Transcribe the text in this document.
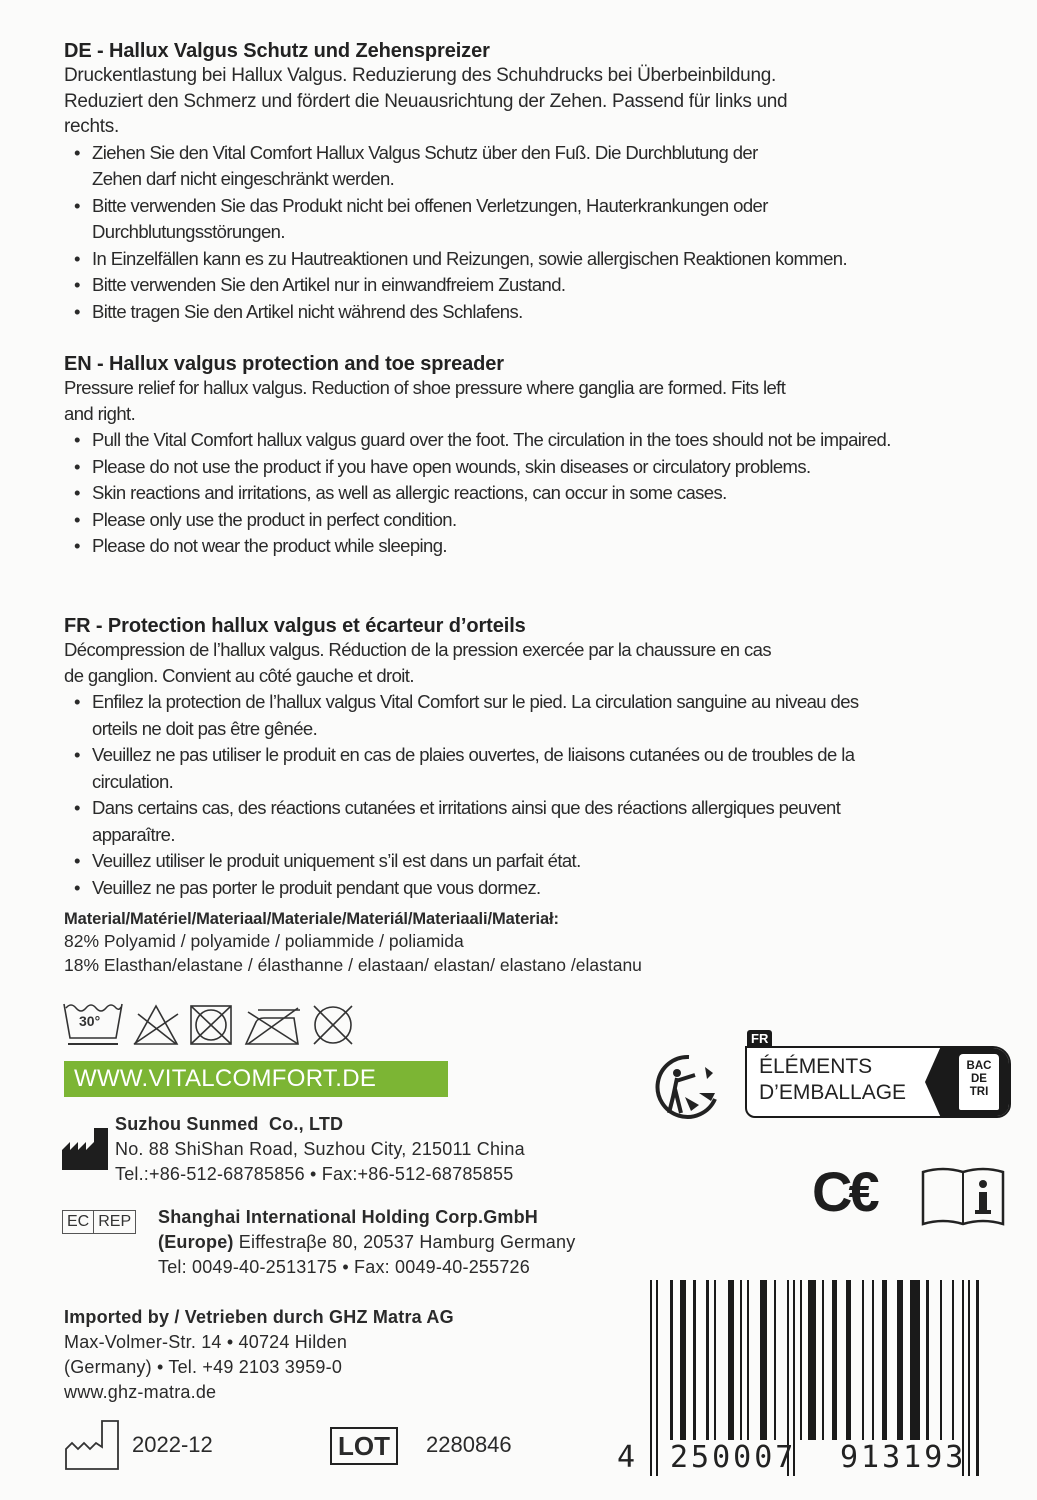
DE - Hallux Valgus Schutz und Zehenspreizer
Druckentlastung bei Hallux Valgus. Reduzierung des Schuhdrucks bei Überbeinbildung.
Reduziert den Schmerz und fördert die Neuausrichtung der Zehen. Passend für links und
rechts.
• Ziehen Sie den Vital Comfort Hallux Valgus Schutz über den Fuß. Die Durchblutung der Zehen darf nicht eingeschränkt werden.
• Bitte verwenden Sie das Produkt nicht bei offenen Verletzungen, Hauterkrankungen oder Durchblutungsstörungen.
• In Einzelfällen kann es zu Hautreaktionen und Reizungen, sowie allergischen Reaktionen kommen.
• Bitte verwenden Sie den Artikel nur in einwandfreiem Zustand.
• Bitte tragen Sie den Artikel nicht während des Schlafens.
EN - Hallux valgus protection and toe spreader
Pressure relief for hallux valgus. Reduction of shoe pressure where ganglia are formed. Fits left
and right.
• Pull the Vital Comfort hallux valgus guard over the foot. The circulation in the toes should not be impaired.
• Please do not use the product if you have open wounds, skin diseases or circulatory problems.
• Skin reactions and irritations, as well as allergic reactions, can occur in some cases.
• Please only use the product in perfect condition.
• Please do not wear the product while sleeping.
FR - Protection hallux valgus et écarteur d’orteils
Décompression de l’hallux valgus. Réduction de la pression exercée par la chaussure en cas
de ganglion. Convient au côté gauche et droit.
• Enfilez la protection de l’hallux valgus Vital Comfort sur le pied. La circulation sanguine au niveau des orteils ne doit pas être gênée.
• Veuillez ne pas utiliser le produit en cas de plaies ouvertes, de liaisons cutanées ou de troubles de la circulation.
• Dans certains cas, des réactions cutanées et irritations ainsi que des réactions allergiques peuvent apparaître.
• Veuillez utiliser le produit uniquement s’il est dans un parfait état.
• Veuillez ne pas porter le produit pendant que vous dormez.
Material/Matériel/Materiaal/Materiale/Materiál/Materiaali/Materiał:
82% Polyamid / polyamide / poliammide / poliamida
18% Elasthan/elastane / élasthanne / elastaan/ elastan/ elastano /elastanu
30°
WWW.VITALCOMFORT.DE
FR
ÉLÉMENTS
D’EMBALLAGE
BAC
DE
TRI
Suzhou Sunmed  Co., LTD
No. 88 ShiShan Road, Suzhou City, 215011 China
Tel.:+86-512-68785856 • Fax:+86-512-68785855	C€
EC REP Shanghai International Holding Corp.GmbH
(Europe) Eiffestraβe 80, 20537 Hamburg Germany
Tel: 0049-40-2513175 • Fax: 0049-40-255726
Imported by / Vetrieben durch GHZ Matra AG
Max-Volmer-Str. 14 • 40724 Hilden
(Germany) • Tel. +49 2103 3959-0
www.ghz-matra.de
2022-12	LOT	2280846	4 250007 913193
